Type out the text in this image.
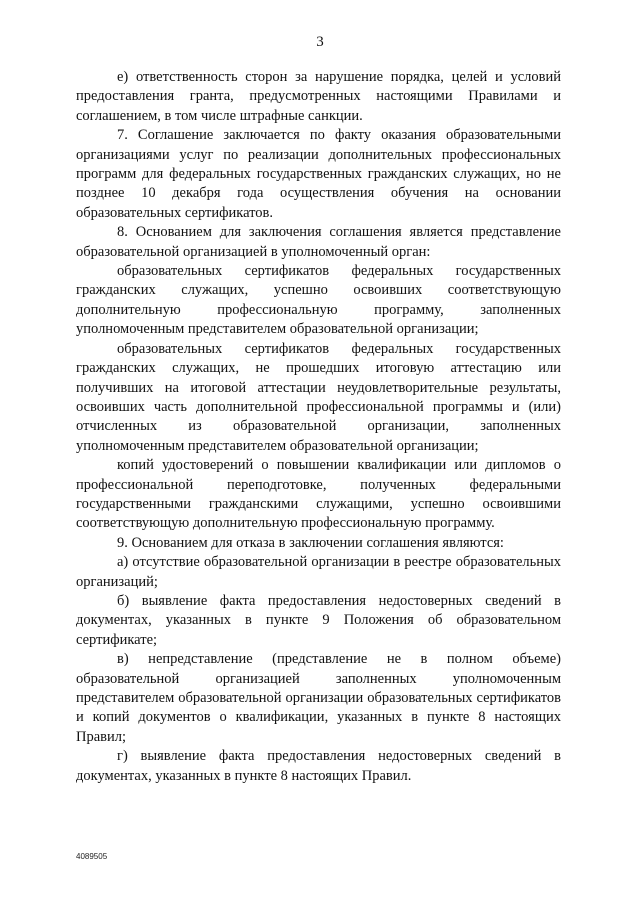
3

е) ответственность сторон за нарушение порядка, целей и условий предоставления гранта, предусмотренных настоящими Правилами и соглашением, в том числе штрафные санкции.

7. Соглашение заключается по факту оказания образовательными организациями услуг по реализации дополнительных профессиональных программ для федеральных государственных гражданских служащих, но не позднее 10 декабря года осуществления обучения на основании образовательных сертификатов.

8. Основанием для заключения соглашения является представление образовательной организацией в уполномоченный орган:

образовательных сертификатов федеральных государственных гражданских служащих, успешно освоивших соответствующую дополнительную профессиональную программу, заполненных уполномоченным представителем образовательной организации;

образовательных сертификатов федеральных государственных гражданских служащих, не прошедших итоговую аттестацию или получивших на итоговой аттестации неудовлетворительные результаты, освоивших часть дополнительной профессиональной программы и (или) отчисленных из образовательной организации, заполненных уполномоченным представителем образовательной организации;

копий удостоверений о повышении квалификации или дипломов о профессиональной переподготовке, полученных федеральными государственными гражданскими служащими, успешно освоившими соответствующую дополнительную профессиональную программу.

9. Основанием для отказа в заключении соглашения являются:

а) отсутствие образовательной организации в реестре образовательных организаций;

б) выявление факта предоставления недостоверных сведений в документах, указанных в пункте 9 Положения об образовательном сертификате;

в) непредставление (представление не в полном объеме) образовательной организацией заполненных уполномоченным представителем образовательной организации образовательных сертификатов и копий документов о квалификации, указанных в пункте 8 настоящих Правил;

г) выявление факта предоставления недостоверных сведений в документах, указанных в пункте 8 настоящих Правил.

4089505
